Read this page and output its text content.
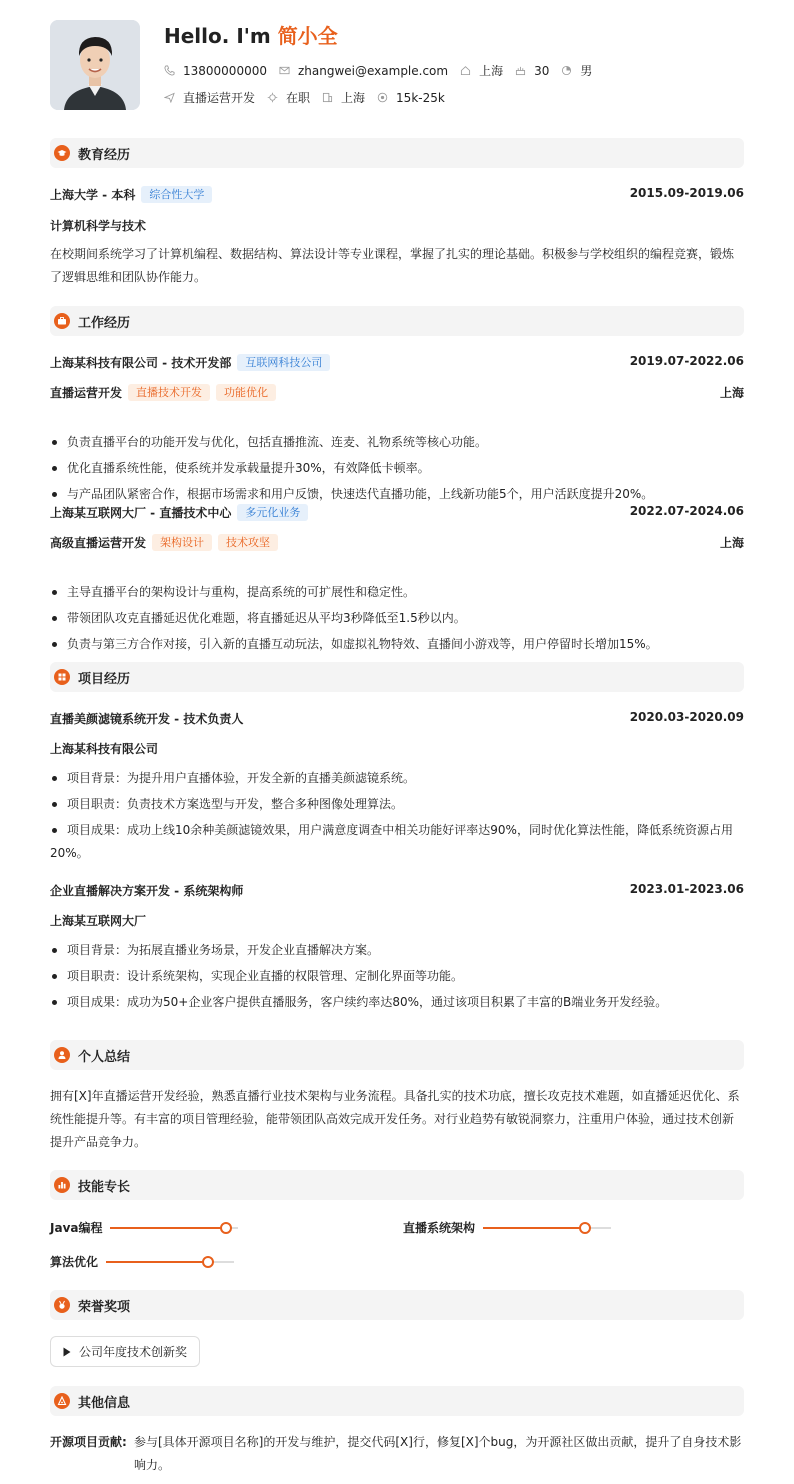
Hello. I'm 简小全
13800000000	zhangwei@example.com	上海	30	男
直播运营开发	在职	上海	15k-25k
教育经历
上海大学 - 本科 综合性大学	2015.09-2019.06
计算机科学与技术
在校期间系统学习了计算机编程、数据结构、算法设计等专业课程，掌握了扎实的理论基础。积极参与学校组织的编程竞赛，锻炼了逻辑思维和团队协作能力。
工作经历
上海某科技有限公司 - 技术开发部 互联网科技公司	2019.07-2022.06
直播运营开发 直播技术开发 功能优化	上海
负责直播平台的功能开发与优化，包括直播推流、连麦、礼物系统等核心功能。
优化直播系统性能，使系统并发承载量提升30%，有效降低卡顿率。
与产品团队紧密合作，根据市场需求和用户反馈，快速迭代直播功能，上线新功能5个，用户活跃度提升20%。
上海某互联网大厂 - 直播技术中心 多元化业务	2022.07-2024.06
高级直播运营开发 架构设计 技术攻坚	上海
主导直播平台的架构设计与重构，提高系统的可扩展性和稳定性。
带领团队攻克直播延迟优化难题，将直播延迟从平均3秒降低至1.5秒以内。
负责与第三方合作对接，引入新的直播互动玩法，如虚拟礼物特效、直播间小游戏等，用户停留时长增加15%。
项目经历
直播美颜滤镜系统开发 - 技术负责人	2020.03-2020.09
上海某科技有限公司
项目背景：为提升用户直播体验，开发全新的直播美颜滤镜系统。
项目职责：负责技术方案选型与开发，整合多种图像处理算法。
项目成果：成功上线10余种美颜滤镜效果，用户满意度调查中相关功能好评率达90%，同时优化算法性能，降低系统资源占用
20%。
企业直播解决方案开发 - 系统架构师	2023.01-2023.06
上海某互联网大厂
项目背景：为拓展直播业务场景，开发企业直播解决方案。
项目职责：设计系统架构，实现企业直播的权限管理、定制化界面等功能。
项目成果：成功为50+企业客户提供直播服务，客户续约率达80%，通过该项目积累了丰富的B端业务开发经验。
个人总结
拥有[X]年直播运营开发经验，熟悉直播行业技术架构与业务流程。具备扎实的技术功底，擅长攻克技术难题，如直播延迟优化、系
统性能提升等。有丰富的项目管理经验，能带领团队高效完成开发任务。对行业趋势有敏锐洞察力，注重用户体验，通过技术创新
提升产品竞争力。
技能专长
Java编程	直播系统架构
算法优化
荣誉奖项
公司年度技术创新奖
其他信息
开源项目贡献: 参与[具体开源项目名称]的开发与维护，提交代码[X]行，修复[X]个bug，为开源社区做出贡献，提升了自身技术影
响力。
